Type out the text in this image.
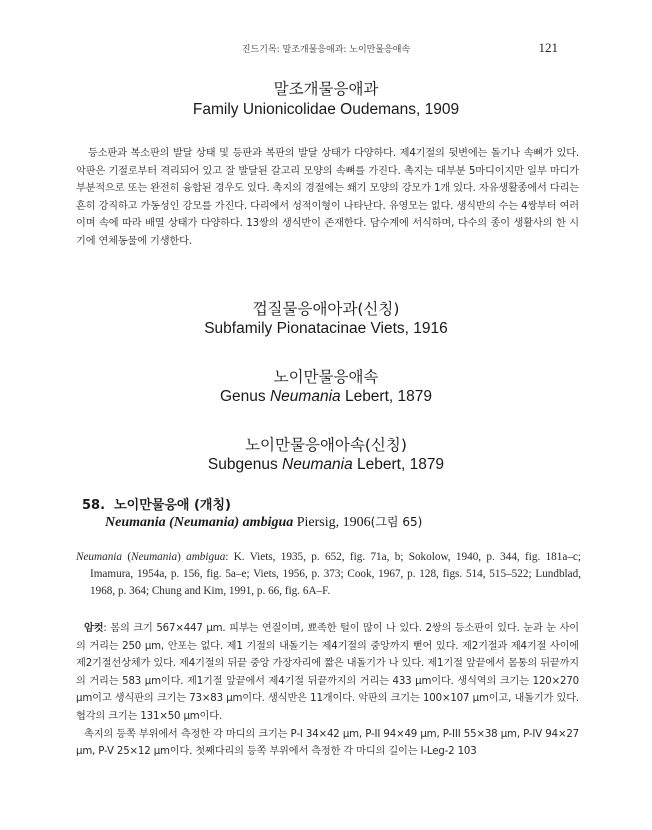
진드기목: 말조개물응애과: 노이만물응애속	121
말조개물응애과
Family Unionicolidae Oudemans, 1909
등소판과 복소판의 발달 상태 및 등판과 복판의 발달 상태가 다양하다. 제4기절의 뒷변에는 돌기나 속뼈가 있다. 악판은 기절로부터 격리되어 있고 잘 발달된 갈고리 모양의 속뼈를 가진다. 촉지는 대부분 5마디이지만 일부 마디가 부분적으로 또는 완전히 융합된 경우도 있다. 촉지의 경절에는 쐐기 모양의 강모가 1개 있다. 자유생활종에서 다리는 흔히 강직하고 가동성인 강모를 가진다. 다리에서 성적이형이 나타난다. 유영모는 없다. 생식반의 수는 4쌍부터 여러이며 속에 따라 배열 상태가 다양하다. 13쌍의 생식반이 존재한다. 담수계에 서식하며, 다수의 종이 생활사의 한 시기에 연체동물에 기생한다.
껍질물응애아과(신칭)
Subfamily Pionatacinae Viets, 1916
노이만물응애속
Genus Neumania Lebert, 1879
노이만물응애아속(신칭)
Subgenus Neumania Lebert, 1879
58. 노이만물응애 (개칭)
Neumania (Neumania) ambigua Piersig, 1906(그림 65)
Neumania (Neumania) ambigua: K. Viets, 1935, p. 652, fig. 71a, b; Sokolow, 1940, p. 344, fig. 181a–c; Imamura, 1954a, p. 156, fig. 5a–e; Viets, 1956, p. 373; Cook, 1967, p. 128, figs. 514, 515–522; Lundblad, 1968, p. 364; Chung and Kim, 1991, p. 66, fig. 6A–F.
암컷: 몸의 크기 567×447 μm. 피부는 연질이며, 뾰족한 털이 많이 나 있다. 2쌍의 등소판이 있다. 눈과 눈 사이의 거리는 250 μm, 안포는 없다. 제1 기절의 내돌기는 제4기절의 중앙까지 뻗어 있다. 제2기절과 제4기절 사이에 제2기절선상체가 있다. 제4기절의 뒤끝 중앙 가장자리에 짧은 내돌기가 나 있다. 제1기절 앞끝에서 몸통의 뒤끝까지의 거리는 583 μm이다. 제1기절 앞끝에서 제4기절 뒤끝까지의 거리는 433 μm이다. 생식역의 크기는 120×270 μm이고 생식판의 크기는 73×83 μm이다. 생식반은 11개이다. 악판의 크기는 100×107 μm이고, 내돌기가 있다. 협각의 크기는 131×50 μm이다.
촉지의 등쪽 부위에서 측정한 각 마디의 크기는 P-I 34×42 μm, P-II 94×49 μm, P-III 55×38 μm, P-IV 94×27 μm, P-V 25×12 μm이다. 첫째다리의 등쪽 부위에서 측정한 각 마디의 길이는 I-Leg-2 103
